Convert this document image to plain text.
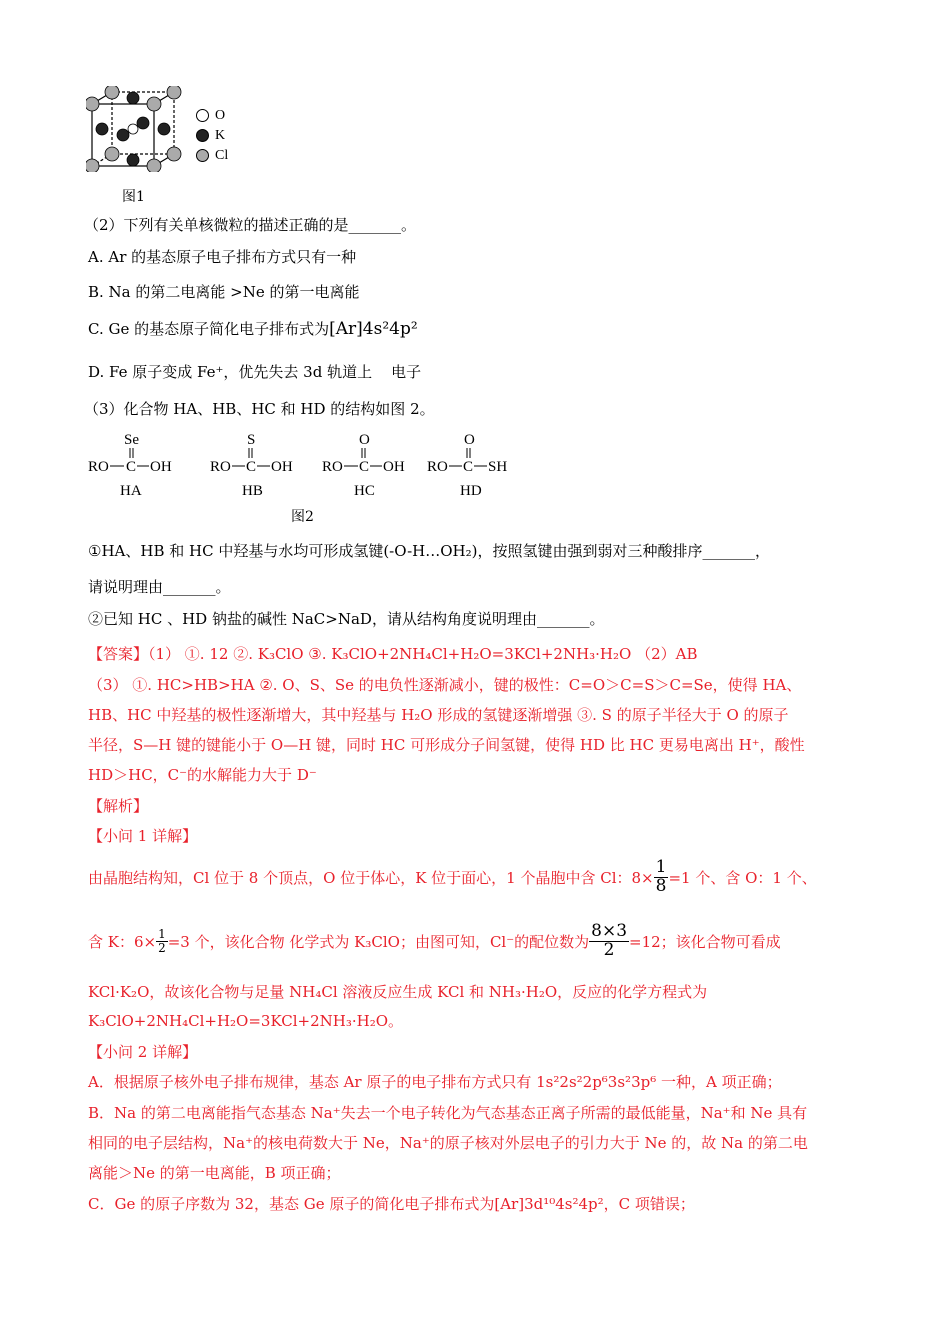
O
K
Cl
图1
（2）下列有关单核微粒的描述正确的是_______。
A. Ar 的基态原子电子排布方式只有一种
B. Na 的第二电离能 >Ne 的第一电离能
C. Ge 的基态原子简化电子排布式为[Ar]4s²4p²
D. Fe 原子变成 Fe⁺，优先失去 3d 轨道上 电子
（3）化合物 HA、HB、HC 和 HD 的结构如图 2。
Se
RO C OH
HA
S
RO C OH
HB
O
RO C OH
HC
O
RO C SH
HD
图2
①HA、HB 和 HC 中羟基与水均可形成氢键(-O-H…OH₂)，按照氢键由强到弱对三种酸排序_______，
请说明理由_______。
②已知 HC 、HD 钠盐的碱性 NaC>NaD，请从结构角度说明理由_______。
【答案】（1） ①. 12 ②. K₃ClO ③. K₃ClO+2NH₄Cl+H₂O=3KCl+2NH₃·H₂O （2）AB
（3） ①. HC>HB>HA ②. O、S、Se 的电负性逐渐减小，键的极性：C=O＞C=S＞C=Se，使得 HA、
HB、HC 中羟基的极性逐渐增大，其中羟基与 H₂O 形成的氢键逐渐增强 ③. S 的原子半径大于 O 的原子
半径，S—H 键的键能小于 O—H 键，同时 HC 可形成分子间氢键，使得 HD 比 HC 更易电离出 H⁺，酸性
HD＞HC，C⁻的水解能力大于 D⁻
【解析】
【小问 1 详解】
由晶胞结构知，Cl 位于 8 个顶点，O 位于体心，K 位于面心，1 个晶胞中含 Cl：$8\times \frac{1}{8} =1$ 个、含 O：1 个、
含 K：$6\times \frac{1}{2} =3$ 个，该化合物 化学式为 K₃ClO；由图可知，Cl⁻的配位数为 $\frac{8\times 3}{2} =12$；该化合物可看成
KCl·K₂O，故该化合物与足量 NH₄Cl 溶液反应生成 KCl 和 NH₃·H₂O，反应的化学方程式为
K₃ClO+2NH₄Cl+H₂O=3KCl+2NH₃·H₂O。
【小问 2 详解】
A．根据原子核外电子排布规律，基态 Ar 原子的电子排布方式只有 1s²2s²2p⁶3s²3p⁶ 一种，A 项正确；
B．Na 的第二电离能指气态基态 Na⁺失去一个电子转化为气态基态正离子所需的最低能量，Na⁺和 Ne 具有
相同的电子层结构，Na⁺的核电荷数大于 Ne，Na⁺的原子核对外层电子的引力大于 Ne 的，故 Na 的第二电
离能＞Ne 的第一电离能，B 项正确；
C．Ge 的原子序数为 32，基态 Ge 原子的简化电子排布式为[Ar]3d¹⁰4s²4p²，C 项错误；
